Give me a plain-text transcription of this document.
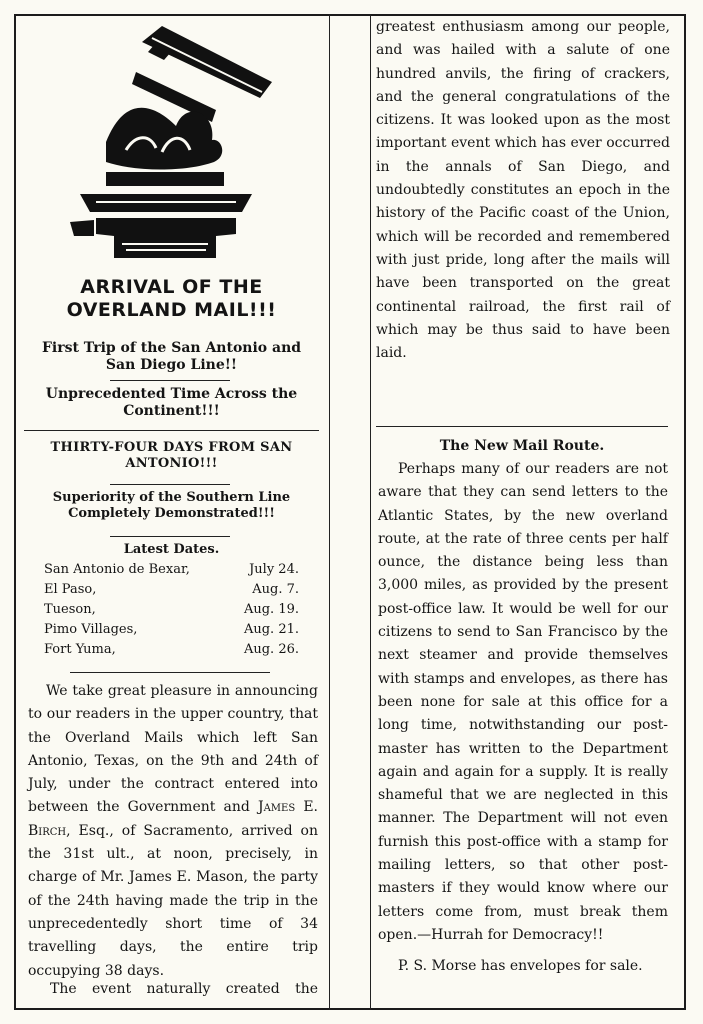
ARRIVAL OF THE OVERLAND MAIL!!!
First Trip of the San Antonio and San Diego Line!!
Unprecedented Time Across the Continent!!!
THIRTY-FOUR DAYS FROM SAN ANTONIO!!!
Superiority of the Southern Line Completely Demonstrated!!!
Latest Dates.
San Antonio de Bexar,	July 24.
El Paso,	Aug. 7.
Tueson,	Aug. 19.
Pimo Villages,	Aug. 21.
Fort Yuma,	Aug. 26.

We take great pleasure in announcing to our readers in the upper country, that the Overland Mails which left San Antonio, Texas, on the 9th and 24th of July, under the contract entered into between the Government and James E. Birch, Esq., of Sacramento, arrived on the 31st ult., at noon, precisely, in charge of Mr. James E. Mason, the party of the 24th having made the trip in the unprecedentedly short time of 34 travelling days, the entire trip occupying 38 days.

The event naturally created the

greatest enthusiasm among our people, and was hailed with a salute of one hundred anvils, the firing of crackers, and the general congratulations of the citizens. It was looked upon as the most important event which has ever occurred in the annals of San Diego, and undoubtedly constitutes an epoch in the history of the Pacific coast of the Union, which will be recorded and remembered with just pride, long after the mails will have been transported on the great continental railroad, the first rail of which may be thus said to have been laid.

The New Mail Route.

Perhaps many of our readers are not aware that they can send letters to the Atlantic States, by the new overland route, at the rate of three cents per half ounce, the distance being less than 3,000 miles, as provided by the present post-office law. It would be well for our citizens to send to San Francisco by the next steamer and provide themselves with stamps and envelopes, as there has been none for sale at this office for a long time, notwithstanding our post-master has written to the Department again and again for a supply. It is really shameful that we are neglected in this manner. The Department will not even furnish this post-office with a stamp for mailing letters, so that other post-masters if they would know where our letters come from, must break them open.—Hurrah for Democracy!!

P. S. Morse has envelopes for sale.
